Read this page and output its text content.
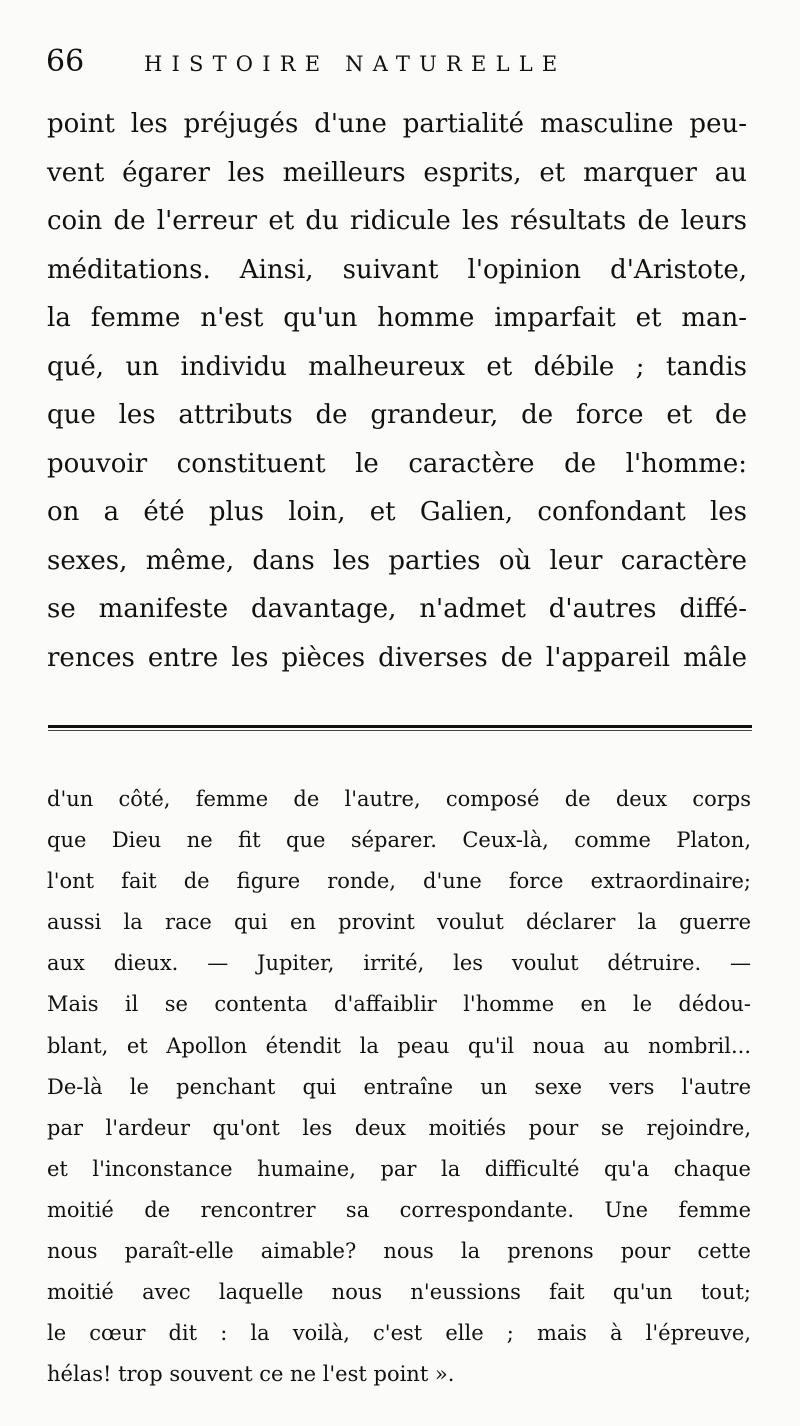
66	HISTOIRE NATURELLE
point les préjugés d'une partialité masculine peu-
vent égarer les meilleurs esprits, et marquer au
coin de l'erreur et du ridicule les résultats de leurs
méditations. Ainsi, suivant l'opinion d'Aristote,
la femme n'est qu'un homme imparfait et man-
qué, un individu malheureux et débile ; tandis
que les attributs de grandeur, de force et de
pouvoir constituent le caractère de l'homme:
on a été plus loin, et Galien, confondant les
sexes, même, dans les parties où leur caractère
se manifeste davantage, n'admet d'autres diffé-
rences entre les pièces diverses de l'appareil mâle
d'un côté, femme de l'autre, composé de deux corps
que Dieu ne fit que séparer. Ceux-là, comme Platon,
l'ont fait de figure ronde, d'une force extraordinaire;
aussi la race qui en provint voulut déclarer la guerre
aux dieux. — Jupiter, irrité, les voulut détruire. —
Mais il se contenta d'affaiblir l'homme en le dédou-
blant, et Apollon étendit la peau qu'il noua au nombril...
De-là le penchant qui entraîne un sexe vers l'autre
par l'ardeur qu'ont les deux moitiés pour se rejoindre,
et l'inconstance humaine, par la difficulté qu'a chaque
moitié de rencontrer sa correspondante. Une femme
nous paraît-elle aimable? nous la prenons pour cette
moitié avec laquelle nous n'eussions fait qu'un tout;
le cœur dit : la voilà, c'est elle ; mais à l'épreuve,
hélas! trop souvent ce ne l'est point ».
